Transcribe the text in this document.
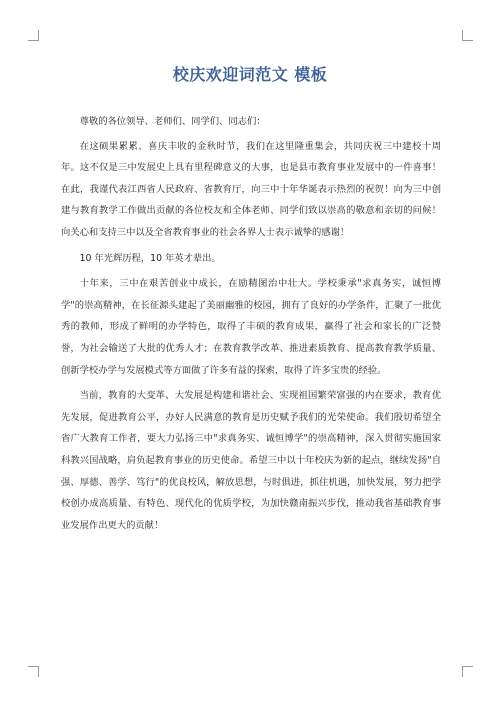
校庆欢迎词范文 模板

尊敬的各位领导、老师们、同学们、同志们：

在这硕果累累、喜庆丰收的金秋时节，我们在这里隆重集会，共同庆祝三中建校十周年。这不仅是三中发展史上具有里程碑意义的大事，也是县市教育事业发展中的一件喜事！在此，我谨代表江西省人民政府、省教育厅，向三中十年华诞表示热烈的祝贺！向为三中创建与教育教学工作做出贡献的各位校友和全体老师、同学们致以崇高的敬意和亲切的问候！向关心和支持三中以及全省教育事业的社会各界人士表示诚挚的感谢！

10 年光辉历程，10 年英才辈出。

十年来，三中在艰苦创业中成长，在励精图治中壮大。学校秉承"求真务实，诚恒博学"的崇高精神，在长征源头建起了美丽幽雅的校园，拥有了良好的办学条件，汇聚了一批优秀的教师，形成了鲜明的办学特色，取得了丰硕的教育成果，赢得了社会和家长的广泛赞誉，为社会输送了大批的优秀人才；在教育教学改革、推进素质教育、提高教育教学质量、创新学校办学与发展模式等方面做了许多有益的探索，取得了许多宝贵的经验。

当前，教育的大变革、大发展是构建和谐社会、实现祖国繁荣富强的内在要求，教育优先发展，促进教育公平，办好人民满意的教育是历史赋予我们的光荣使命。我们殷切希望全省广大教育工作者，要大力弘扬三中"求真务实、诚恒博学"的崇高精神，深入贯彻实施国家科教兴国战略，肩负起教育事业的历史使命。希望三中以十年校庆为新的起点，继续发扬"自强、厚德、善学、笃行"的优良校风，解放思想，与时俱进，抓住机遇，加快发展，努力把学校创办成高质量、有特色、现代化的优质学校，为加快赣南振兴步伐，推动我省基础教育事业发展作出更大的贡献！
